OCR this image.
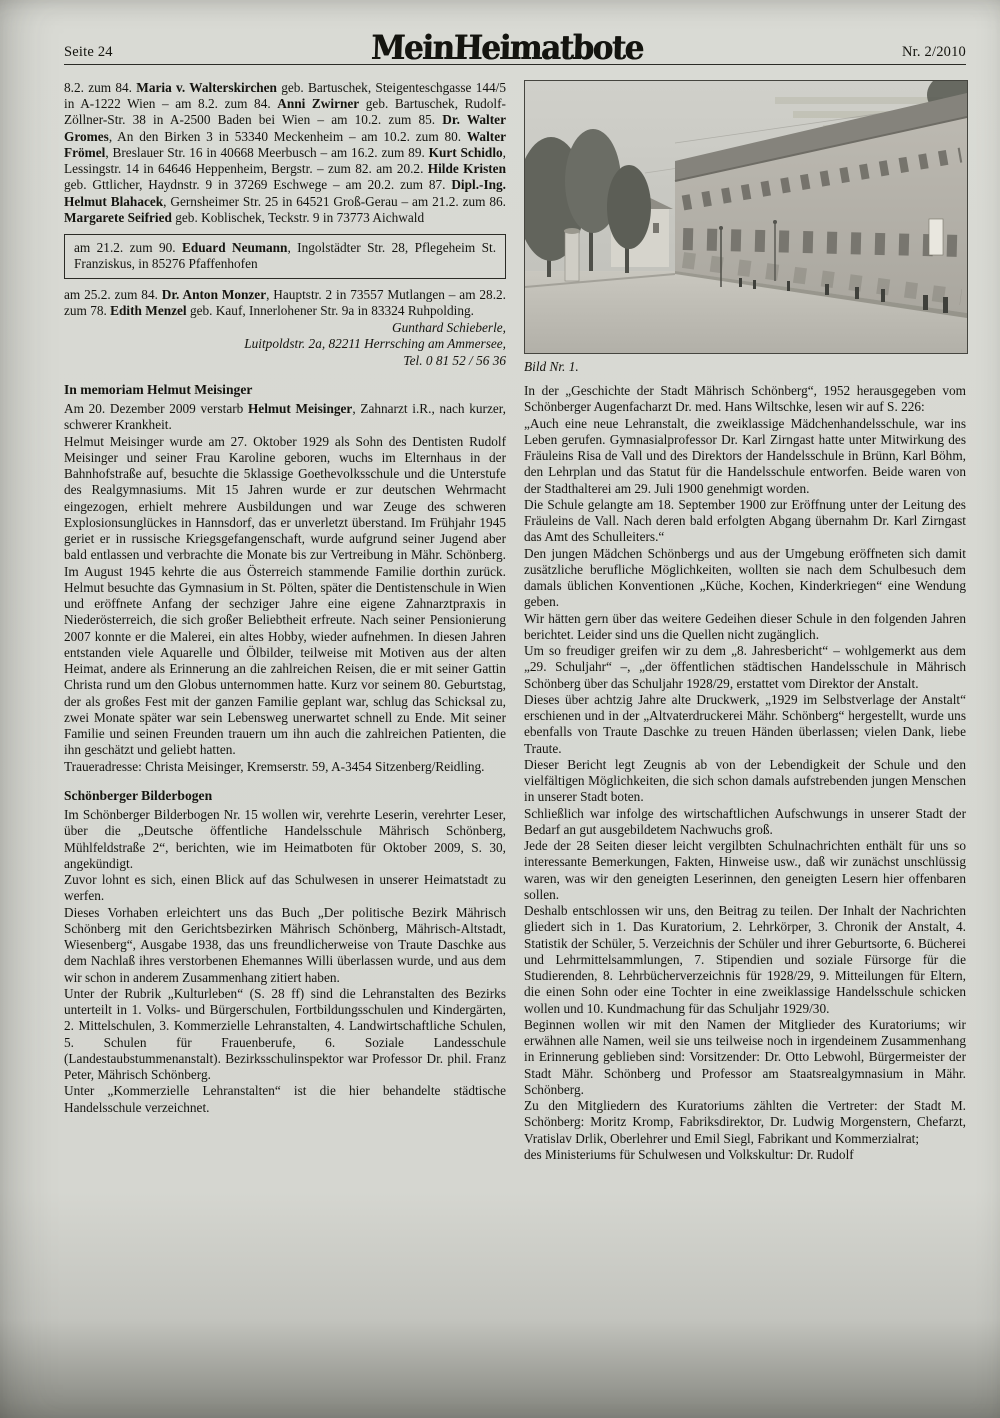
Seite 24	MeinHeimatbote	Nr. 2/2010

8.2. zum 84. Maria v. Walterskirchen geb. Bartuschek, Steigenteschgasse 144/5 in A-1222 Wien – am 8.2. zum 84. Anni Zwirner geb. Bartuschek, Rudolf-Zöllner-Str. 38 in A-2500 Baden bei Wien – am 10.2. zum 85. Dr. Walter Gromes, An den Birken 3 in 53340 Meckenheim – am 10.2. zum 80. Walter Frömel, Breslauer Str. 16 in 40668 Meerbusch – am 16.2. zum 89. Kurt Schidlo, Lessingstr. 14 in 64646 Heppenheim, Bergstr. – zum 82. am 20.2. Hilde Kristen geb. Gttlicher, Haydnstr. 9 in 37269 Eschwege – am 20.2. zum 87. Dipl.-Ing. Helmut Blahacek, Gernsheimer Str. 25 in 64521 Groß-Gerau – am 21.2. zum 86. Margarete Seifried geb. Koblischek, Teckstr. 9 in 73773 Aichwald

am 21.2. zum 90. Eduard Neumann, Ingolstädter Str. 28, Pflegeheim St. Franziskus, in 85276 Pfaffenhofen

am 25.2. zum 84. Dr. Anton Monzer, Hauptstr. 2 in 73557 Mutlangen – am 28.2. zum 78. Edith Menzel geb. Kauf, Innerlohener Str. 9a in 83324 Ruhpolding.

Gunthard Schieberle,
Luitpoldstr. 2a, 82211 Herrsching am Ammersee,
Tel. 0 81 52 / 56 36
In memoriam Helmut Meisinger

Am 20. Dezember 2009 verstarb Helmut Meisinger, Zahnarzt i.R., nach kurzer, schwerer Krankheit.

Helmut Meisinger wurde am 27. Oktober 1929 als Sohn des Dentisten Rudolf Meisinger und seiner Frau Karoline geboren, wuchs im Elternhaus in der Bahnhofstraße auf, besuchte die 5klassige Goethevolksschule und die Unterstufe des Realgymnasiums. Mit 15 Jahren wurde er zur deutschen Wehrmacht eingezogen, erhielt mehrere Ausbildungen und war Zeuge des schweren Explosionsunglückes in Hannsdorf, das er unverletzt überstand. Im Frühjahr 1945 geriet er in russische Kriegsgefangenschaft, wurde aufgrund seiner Jugend aber bald entlassen und verbrachte die Monate bis zur Vertreibung in Mähr. Schönberg. Im August 1945 kehrte die aus Österreich stammende Familie dorthin zurück. Helmut besuchte das Gymnasium in St. Pölten, später die Dentistenschule in Wien und eröffnete Anfang der sechziger Jahre eine eigene Zahnarztpraxis in Niederösterreich, die sich großer Beliebtheit erfreute. Nach seiner Pensionierung 2007 konnte er die Malerei, ein altes Hobby, wieder aufnehmen. In diesen Jahren entstanden viele Aquarelle und Ölbilder, teilweise mit Motiven aus der alten Heimat, andere als Erinnerung an die zahlreichen Reisen, die er mit seiner Gattin Christa rund um den Globus unternommen hatte. Kurz vor seinem 80. Geburtstag, der als großes Fest mit der ganzen Familie geplant war, schlug das Schicksal zu, zwei Monate später war sein Lebensweg unerwartet schnell zu Ende. Mit seiner Familie und seinen Freunden trauern um ihn auch die zahlreichen Patienten, die ihn geschätzt und geliebt hatten.

Traueradresse: Christa Meisinger, Kremserstr. 59, A-3454 Sitzenberg/Reidling.

Schönberger Bilderbogen

Im Schönberger Bilderbogen Nr. 15 wollen wir, verehrte Leserin, verehrter Leser, über die „Deutsche öffentliche Handelsschule Mährisch Schönberg, Mühlfeldstraße 2“, berichten, wie im Heimatboten für Oktober 2009, S. 30, angekündigt.

Zuvor lohnt es sich, einen Blick auf das Schulwesen in unserer Heimatstadt zu werfen.

Dieses Vorhaben erleichtert uns das Buch „Der politische Bezirk Mährisch Schönberg mit den Gerichtsbezirken Mährisch Schönberg, Mährisch-Altstadt, Wiesenberg“, Ausgabe 1938, das uns freundlicherweise von Traute Daschke aus dem Nachlaß ihres verstorbenen Ehemannes Willi überlassen wurde, und aus dem wir schon in anderem Zusammenhang zitiert haben.

Unter der Rubrik „Kulturleben“ (S. 28 ff) sind die Lehranstalten des Bezirks unterteilt in 1. Volks- und Bürgerschulen, Fortbildungsschulen und Kindergärten, 2. Mittelschulen, 3. Kommerzielle Lehranstalten, 4. Landwirtschaftliche Schulen, 5. Schulen für Frauenberufe, 6. Soziale Landesschule (Landestaubstummenanstalt). Bezirksschulinspektor war Professor Dr. phil. Franz Peter, Mährisch Schönberg.

Unter „Kommerzielle Lehranstalten“ ist die hier behandelte städtische Handelsschule verzeichnet.

Bild Nr. 1.

In der „Geschichte der Stadt Mährisch Schönberg“, 1952 herausgegeben vom Schönberger Augenfacharzt Dr. med. Hans Wiltschke, lesen wir auf S. 226:

„Auch eine neue Lehranstalt, die zweiklassige Mädchenhandelsschule, war ins Leben gerufen. Gymnasialprofessor Dr. Karl Zirngast hatte unter Mitwirkung des Fräuleins Risa de Vall und des Direktors der Handelsschule in Brünn, Karl Böhm, den Lehrplan und das Statut für die Handelsschule entworfen. Beide waren von der Stadthalterei am 29. Juli 1900 genehmigt worden.

Die Schule gelangte am 18. September 1900 zur Eröffnung unter der Leitung des Fräuleins de Vall. Nach deren bald erfolgten Abgang übernahm Dr. Karl Zirngast das Amt des Schulleiters.“

Den jungen Mädchen Schönbergs und aus der Umgebung eröffneten sich damit zusätzliche berufliche Möglichkeiten, wollten sie nach dem Schulbesuch dem damals üblichen Konventionen „Küche, Kochen, Kinderkriegen“ eine Wendung geben.

Wir hätten gern über das weitere Gedeihen dieser Schule in den folgenden Jahren berichtet. Leider sind uns die Quellen nicht zugänglich.

Um so freudiger greifen wir zu dem „8. Jahresbericht“ – wohlgemerkt aus dem „29. Schuljahr“ –, „der öffentlichen städtischen Handelsschule in Mährisch Schönberg über das Schuljahr 1928/29, erstattet vom Direktor der Anstalt.

Dieses über achtzig Jahre alte Druckwerk, „1929 im Selbstverlage der Anstalt“ erschienen und in der „Altvaterdruckerei Mähr. Schönberg“ hergestellt, wurde uns ebenfalls von Traute Daschke zu treuen Händen überlassen; vielen Dank, liebe Traute.

Dieser Bericht legt Zeugnis ab von der Lebendigkeit der Schule und den vielfältigen Möglichkeiten, die sich schon damals aufstrebenden jungen Menschen in unserer Stadt boten.

Schließlich war infolge des wirtschaftlichen Aufschwungs in unserer Stadt der Bedarf an gut ausgebildetem Nachwuchs groß.

Jede der 28 Seiten dieser leicht vergilbten Schulnachrichten enthält für uns so interessante Bemerkungen, Fakten, Hinweise usw., daß wir zunächst unschlüssig waren, was wir den geneigten Leserinnen, den geneigten Lesern hier offenbaren sollen.

Deshalb entschlossen wir uns, den Beitrag zu teilen. Der Inhalt der Nachrichten gliedert sich in 1. Das Kuratorium, 2. Lehrkörper, 3. Chronik der Anstalt, 4. Statistik der Schüler, 5. Verzeichnis der Schüler und ihrer Geburtsorte, 6. Bücherei und Lehrmittelsammlungen, 7. Stipendien und soziale Fürsorge für die Studierenden, 8. Lehrbücherverzeichnis für 1928/29, 9. Mitteilungen für Eltern, die einen Sohn oder eine Tochter in eine zweiklassige Handelsschule schicken wollen und 10. Kundmachung für das Schuljahr 1929/30.

Beginnen wollen wir mit den Namen der Mitglieder des Kuratoriums; wir erwähnen alle Namen, weil sie uns teilweise noch in irgendeinem Zusammenhang in Erinnerung geblieben sind: Vorsitzender: Dr. Otto Lebwohl, Bürgermeister der Stadt Mähr. Schönberg und Professor am Staatsrealgymnasium in Mähr. Schönberg.

Zu den Mitgliedern des Kuratoriums zählten die Vertreter: der Stadt M. Schönberg: Moritz Kromp, Fabriksdirektor, Dr. Ludwig Morgenstern, Chefarzt, Vratislav Drlik, Oberlehrer und Emil Siegl, Fabrikant und Kommerzialrat;

des Ministeriums für Schulwesen und Volkskultur: Dr. Rudolf
